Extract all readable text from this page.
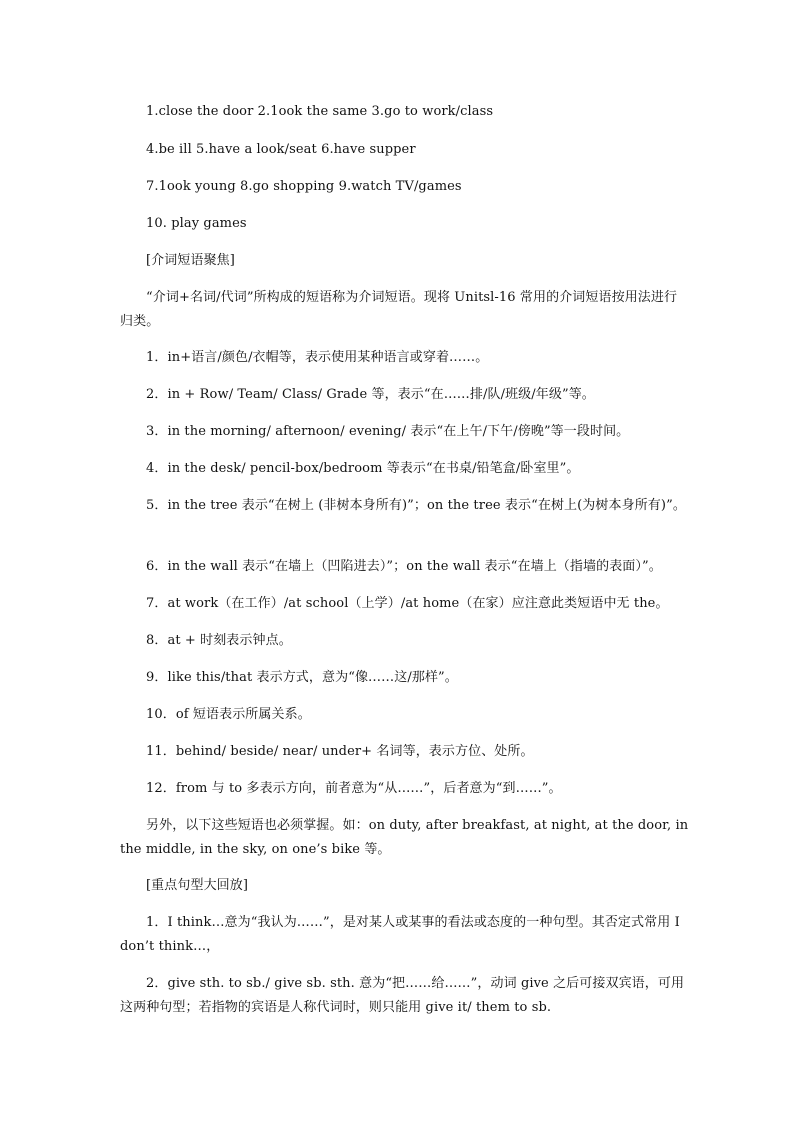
1.close the door 2.1ook the same 3.go to work/class

4.be ill 5.have a look/seat 6.have supper

7.1ook young 8.go shopping 9.watch TV/games

10. play games

[介词短语聚焦]

“介词+名词/代词”所构成的短语称为介词短语。现将 Unitsl-16 常用的介词短语按用法进行归类。

1．in+语言/颜色/衣帽等，表示使用某种语言或穿着……。

2．in + Row/ Team/ Class/ Grade 等，表示“在……排/队/班级/年级”等。

3．in the morning/ afternoon/ evening/ 表示“在上午/下午/傍晚”等一段时间。

4．in the desk/ pencil-box/bedroom 等表示“在书桌/铅笔盒/卧室里”。

5．in the tree 表示“在树上 (非树本身所有)”；on the tree 表示“在树上(为树本身所有)”。

6．in the wall 表示“在墙上（凹陷进去）”；on the wall 表示“在墙上（指墙的表面）”。

7．at work（在工作）/at school（上学）/at home（在家）应注意此类短语中无 the。

8．at + 时刻表示钟点。

9．like this/that 表示方式，意为“像……这/那样”。

10．of 短语表示所属关系。

11．behind/ beside/ near/ under+ 名词等，表示方位、处所。

12．from 与 to 多表示方向，前者意为“从……”，后者意为“到……”。

另外，以下这些短语也必须掌握。如：on duty, after breakfast, at night, at the door, in the middle, in the sky, on one’s bike 等。

[重点句型大回放]

1．I think…意为“我认为……”，是对某人或某事的看法或态度的一种句型。其否定式常用 I don’t think…，

2．give sth. to sb./ give sb. sth. 意为“把……给……”，动词 give 之后可接双宾语，可用这两种句型；若指物的宾语是人称代词时，则只能用 give it/ them to sb.
